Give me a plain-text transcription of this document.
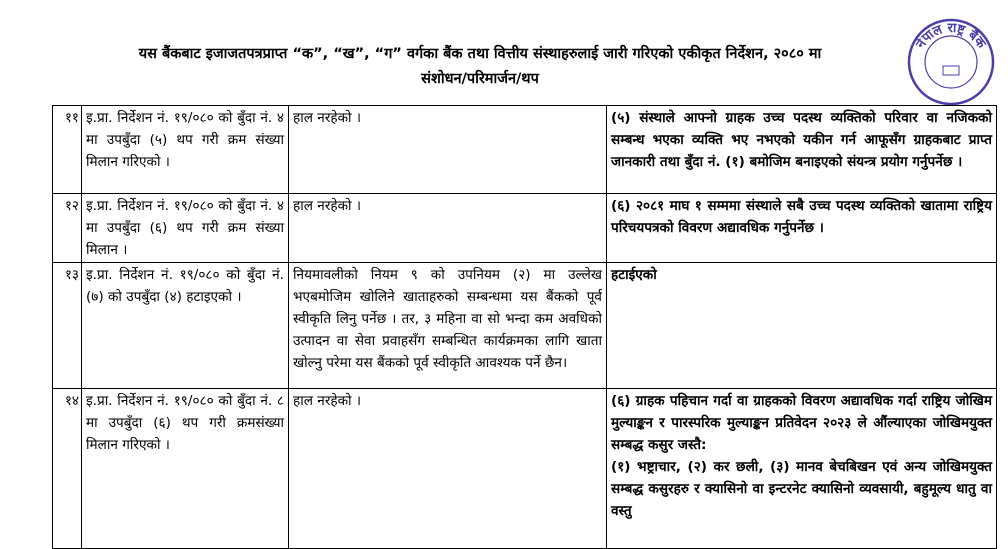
यस बैंकबाट इजाजतपत्रप्राप्त “क”, “ख”, “ग” वर्गका बैंक तथा वित्तीय संस्थाहरुलाई जारी गरिएको एकीकृत निर्देशन, २०८० मा
संशोधन/परिमार्जन/थप
नेपाल राष्ट्र बैंक
११	इ.प्रा. निर्देशन नं. १९/०८० को बुँदा नं. ४ मा उपबुँदा (५) थप गरी क्रम संख्या मिलान गरिएको ।	हाल नरहेको ।	(५) संस्थाले आफ्नो ग्राहक उच्च पदस्थ व्यक्तिको परिवार वा नजिकको सम्बन्ध भएका व्यक्ति भए नभएको यकीन गर्न आफूसँग ग्राहकबाट प्राप्त जानकारी तथा बुँदा नं. (१) बमोजिम बनाइएको संयन्त्र प्रयोग गर्नुपर्नेछ ।

१२	इ.प्रा. निर्देशन नं. १९/०८० को बुँदा नं. ४ मा उपबुँदा (६) थप गरी क्रम संख्या मिलान ।	हाल नरहेको ।	(६) २०८१ माघ १ सम्ममा संस्थाले सबै उच्च पदस्थ व्यक्तिको खातामा राष्ट्रिय परिचयपत्रको विवरण अद्यावधिक गर्नुपर्नेछ ।

१३	इ.प्रा. निर्देशन नं. १९/०८० को बुँदा नं. (७) को उपबुँदा (४) हटाइएको ।	नियमावलीको नियम ९ को उपनियम (२) मा उल्लेख भएबमोजिम खोलिने खाताहरुको सम्बन्धमा यस बैंकको पूर्व स्वीकृति लिनु पर्नेछ । तर, ३ महिना वा सो भन्दा कम अवधिको उत्पादन वा सेवा प्रवाहसँग सम्बन्धित कार्यक्रमका लागि खाता खोल्नु परेमा यस बैंकको पूर्व स्वीकृति आवश्यक पर्ने छैन।	हटाईएको

१४	इ.प्रा. निर्देशन नं. १९/०८० को बुँदा नं. ८ मा उपबुँदा (६) थप गरी क्रमसंख्या मिलान गरिएको ।	हाल नरहेको ।	(६) ग्राहक पहिचान गर्दा वा ग्राहकको विवरण अद्यावधिक गर्दा राष्ट्रिय जोखिम मुल्याङ्कन र पारस्परिक मुल्याङ्कन प्रतिवेदन २०२३ ले औंल्याएका जोखिमयुक्त सम्बद्ध कसुर जस्तै:

(१) भष्ट्राचार, (२) कर छली, (३) मानव बेचबिखन एवं अन्य जोखिमयुक्त सम्बद्ध कसुरहरु र क्यासिनो वा इन्टरनेट क्यासिनो व्यवसायी, बहुमूल्य धातु वा वस्तु
